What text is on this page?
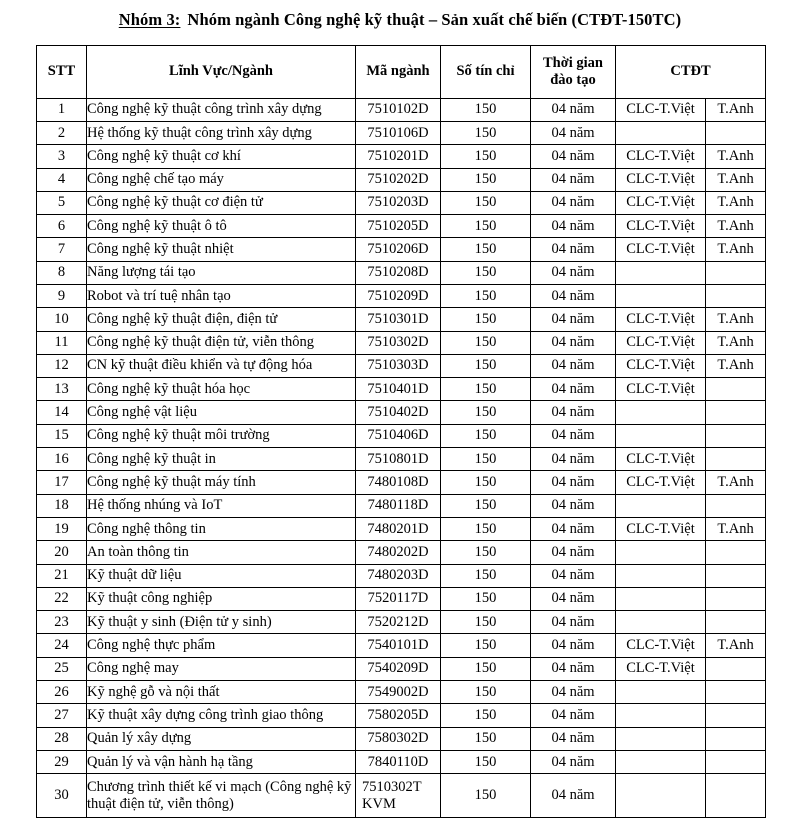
Nhóm 3: Nhóm ngành Công nghệ kỹ thuật – Sản xuất chế biến (CTĐT-150TC)
STT	Lĩnh Vực/Ngành	Mã ngành	Số tín chỉ	Thời gian đào tạo	CTĐT	
1	Công nghệ kỹ thuật công trình xây dựng	7510102D	150	04 năm	CLC-T.Việt	T.Anh
2	Hệ thống kỹ thuật công trình xây dựng	7510106D	150	04 năm		
3	Công nghệ kỹ thuật cơ khí	7510201D	150	04 năm	CLC-T.Việt	T.Anh
4	Công nghệ chế tạo máy	7510202D	150	04 năm	CLC-T.Việt	T.Anh
5	Công nghệ kỹ thuật cơ điện tử	7510203D	150	04 năm	CLC-T.Việt	T.Anh
6	Công nghệ kỹ thuật ô tô	7510205D	150	04 năm	CLC-T.Việt	T.Anh
7	Công nghệ kỹ thuật nhiệt	7510206D	150	04 năm	CLC-T.Việt	T.Anh
8	Năng lượng tái tạo	7510208D	150	04 năm		
9	Robot và trí tuệ nhân tạo	7510209D	150	04 năm		
10	Công nghệ kỹ thuật điện, điện tử	7510301D	150	04 năm	CLC-T.Việt	T.Anh
11	Công nghệ kỹ thuật điện tử, viễn thông	7510302D	150	04 năm	CLC-T.Việt	T.Anh
12	CN kỹ thuật điều khiển và tự động hóa	7510303D	150	04 năm	CLC-T.Việt	T.Anh
13	Công nghệ kỹ thuật hóa học	7510401D	150	04 năm	CLC-T.Việt	
14	Công nghệ vật liệu	7510402D	150	04 năm		
15	Công nghệ kỹ thuật môi trường	7510406D	150	04 năm		
16	Công nghệ kỹ thuật in	7510801D	150	04 năm	CLC-T.Việt	
17	Công nghệ kỹ thuật máy tính	7480108D	150	04 năm	CLC-T.Việt	T.Anh
18	Hệ thống nhúng và IoT	7480118D	150	04 năm		
19	Công nghệ thông tin	7480201D	150	04 năm	CLC-T.Việt	T.Anh
20	An toàn thông tin	7480202D	150	04 năm		
21	Kỹ thuật dữ liệu	7480203D	150	04 năm		
22	Kỹ thuật công nghiệp	7520117D	150	04 năm		
23	Kỹ thuật y sinh (Điện tử y sinh)	7520212D	150	04 năm		
24	Công nghệ thực phẩm	7540101D	150	04 năm	CLC-T.Việt	T.Anh
25	Công nghệ may	7540209D	150	04 năm	CLC-T.Việt	
26	Kỹ nghệ gỗ và nội thất	7549002D	150	04 năm		
27	Kỹ thuật xây dựng công trình giao thông	7580205D	150	04 năm		
28	Quản lý xây dựng	7580302D	150	04 năm		
29	Quản lý và vận hành hạ tầng	7840110D	150	04 năm		
30	Chương trình thiết kế vi mạch (Công nghệ kỹ thuật điện tử, viễn thông)	7510302T KVM	150	04 năm		
